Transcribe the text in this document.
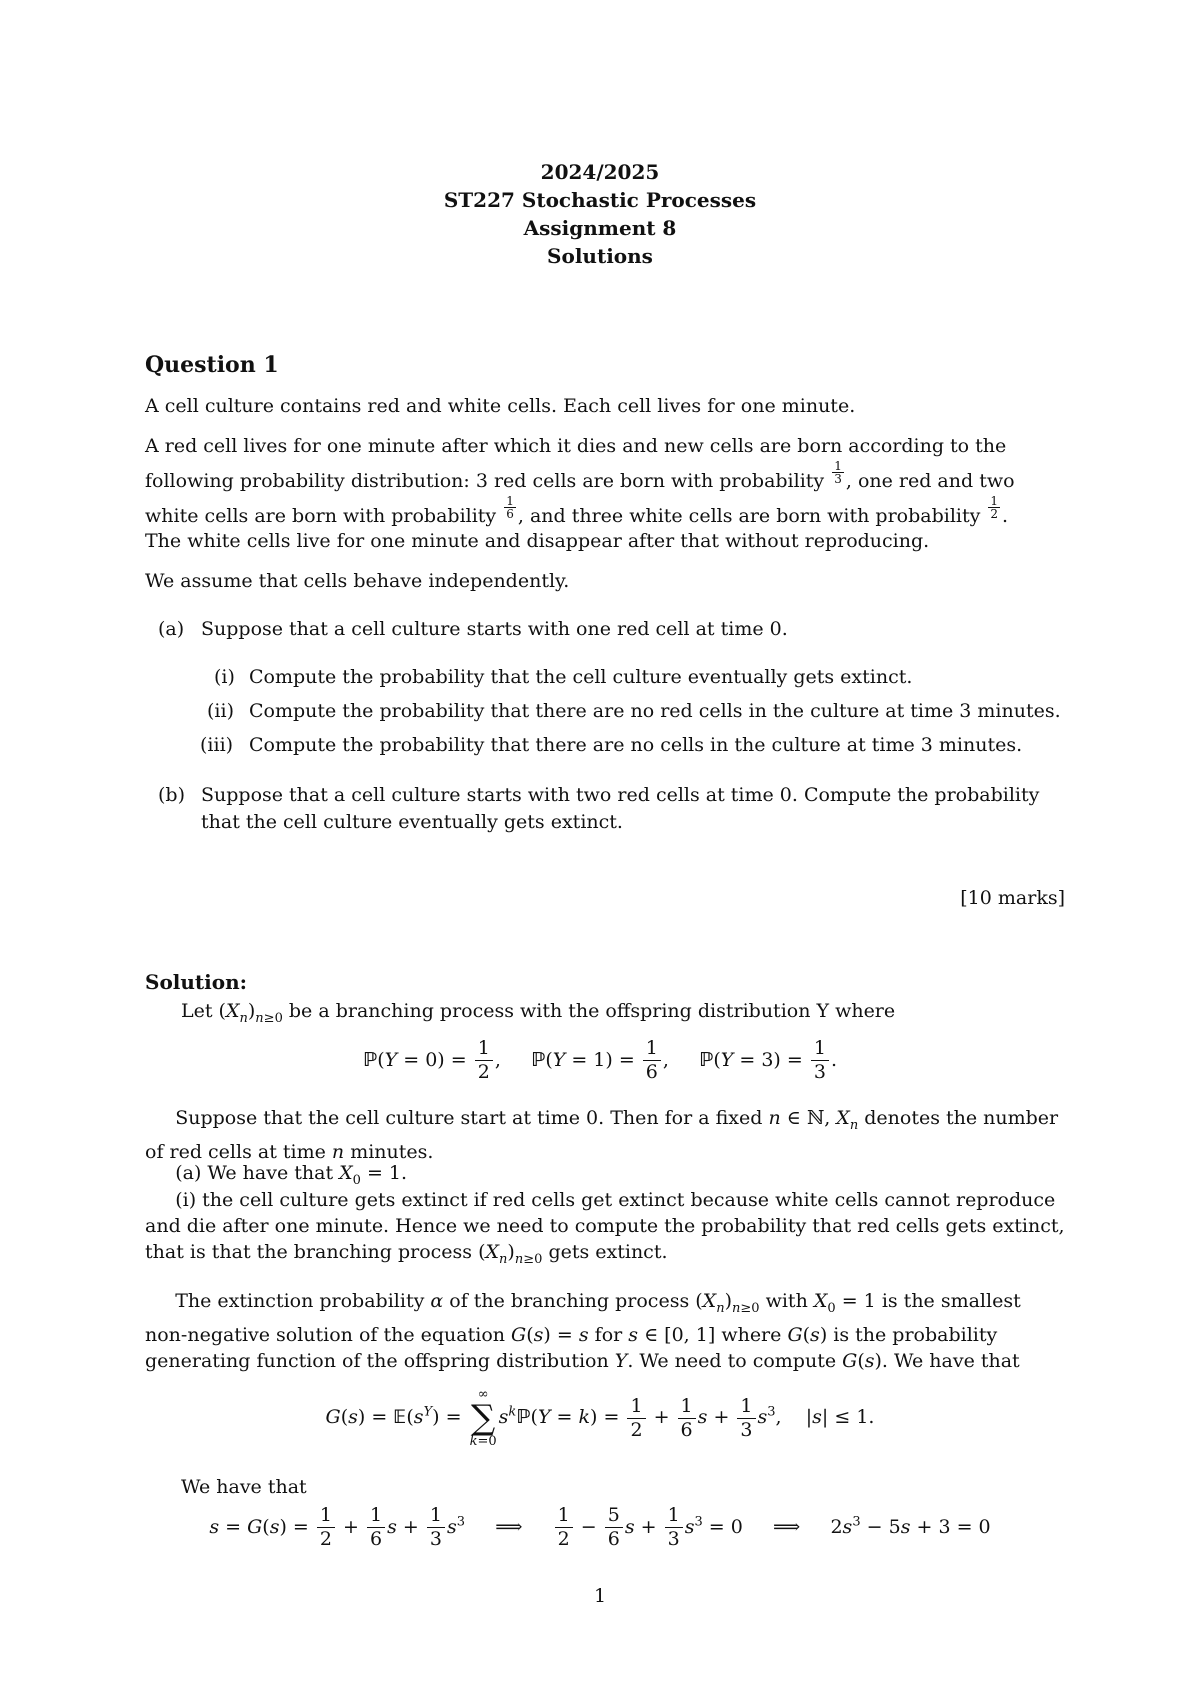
2024/2025
ST227 Stochastic Processes
Assignment 8
Solutions
Question 1
A cell culture contains red and white cells. Each cell lives for one minute.
A red cell lives for one minute after which it dies and new cells are born according to the following probability distribution: 3 red cells are born with probability $\frac{1}{3}$ , one red and two white cells are born with probability $\frac{1}{6}$ , and three white cells are born with probability $\frac{1}{2}$ .
The white cells live for one minute and disappear after that without reproducing.
We assume that cells behave independently.
(a) Suppose that a cell culture starts with one red cell at time 0.
(i) Compute the probability that the cell culture eventually gets extinct.
(ii) Compute the probability that there are no red cells in the culture at time 3 minutes.
(iii) Compute the probability that there are no cells in the culture at time 3 minutes.
(b) Suppose that a cell culture starts with two red cells at time 0. Compute the probability that the cell culture eventually gets extinct.
[10 marks]
Solution:
Let $(X_n)_{n\ge 0}$ be a branching process with the offspring distribution Y where
ℙ(Y = $0) = \frac{1}{2}$ ,     ℙ(Y = $1) = \frac{1}{6}$ ,     ℙ(Y = $3) = \frac{1}{3}$ .
Suppose that the cell culture start at time 0. Then for a fixed n ∈ ℕ, $X_n$ denotes the number of red cells at time n minutes.
(a) We have that $X_0 = 1$.
(i) the cell culture gets extinct if red cells get extinct because white cells cannot reproduce and die after one minute. Hence we need to compute the probability that red cells gets extinct, that is that the branching process $(X_n)_{n\ge 0}$ gets extinct.
The extinction probability α of the branching process $(X_n)_{n\ge 0}$ with $X_0 = 1$ is the smallest non-negative solution of the equation G(s) = s for s ∈ [0, 1] where G(s) is the probability generating function of the offspring distribution Y. We need to compute G(s). We have that
$G(s) = 𝔼(s^Y)$ =
∞
∑
k=0
$s^kℙ(Y = k) = \frac{1}{2} + \frac{1}{6}$ $s + \frac{1}{3} s^3$,    |s| ≤ 1.
We have that
$s = G(s) = \frac{1}{2} + \frac{1}{6}$ $s + \frac{1}{3} s^3$     ⟹ $\frac{1}{2} - \frac{5}{6}$ $s + \frac{1}{3} s^3 = 0$     ⟹     $2s^3 - 5s + 3 = 0$
1
